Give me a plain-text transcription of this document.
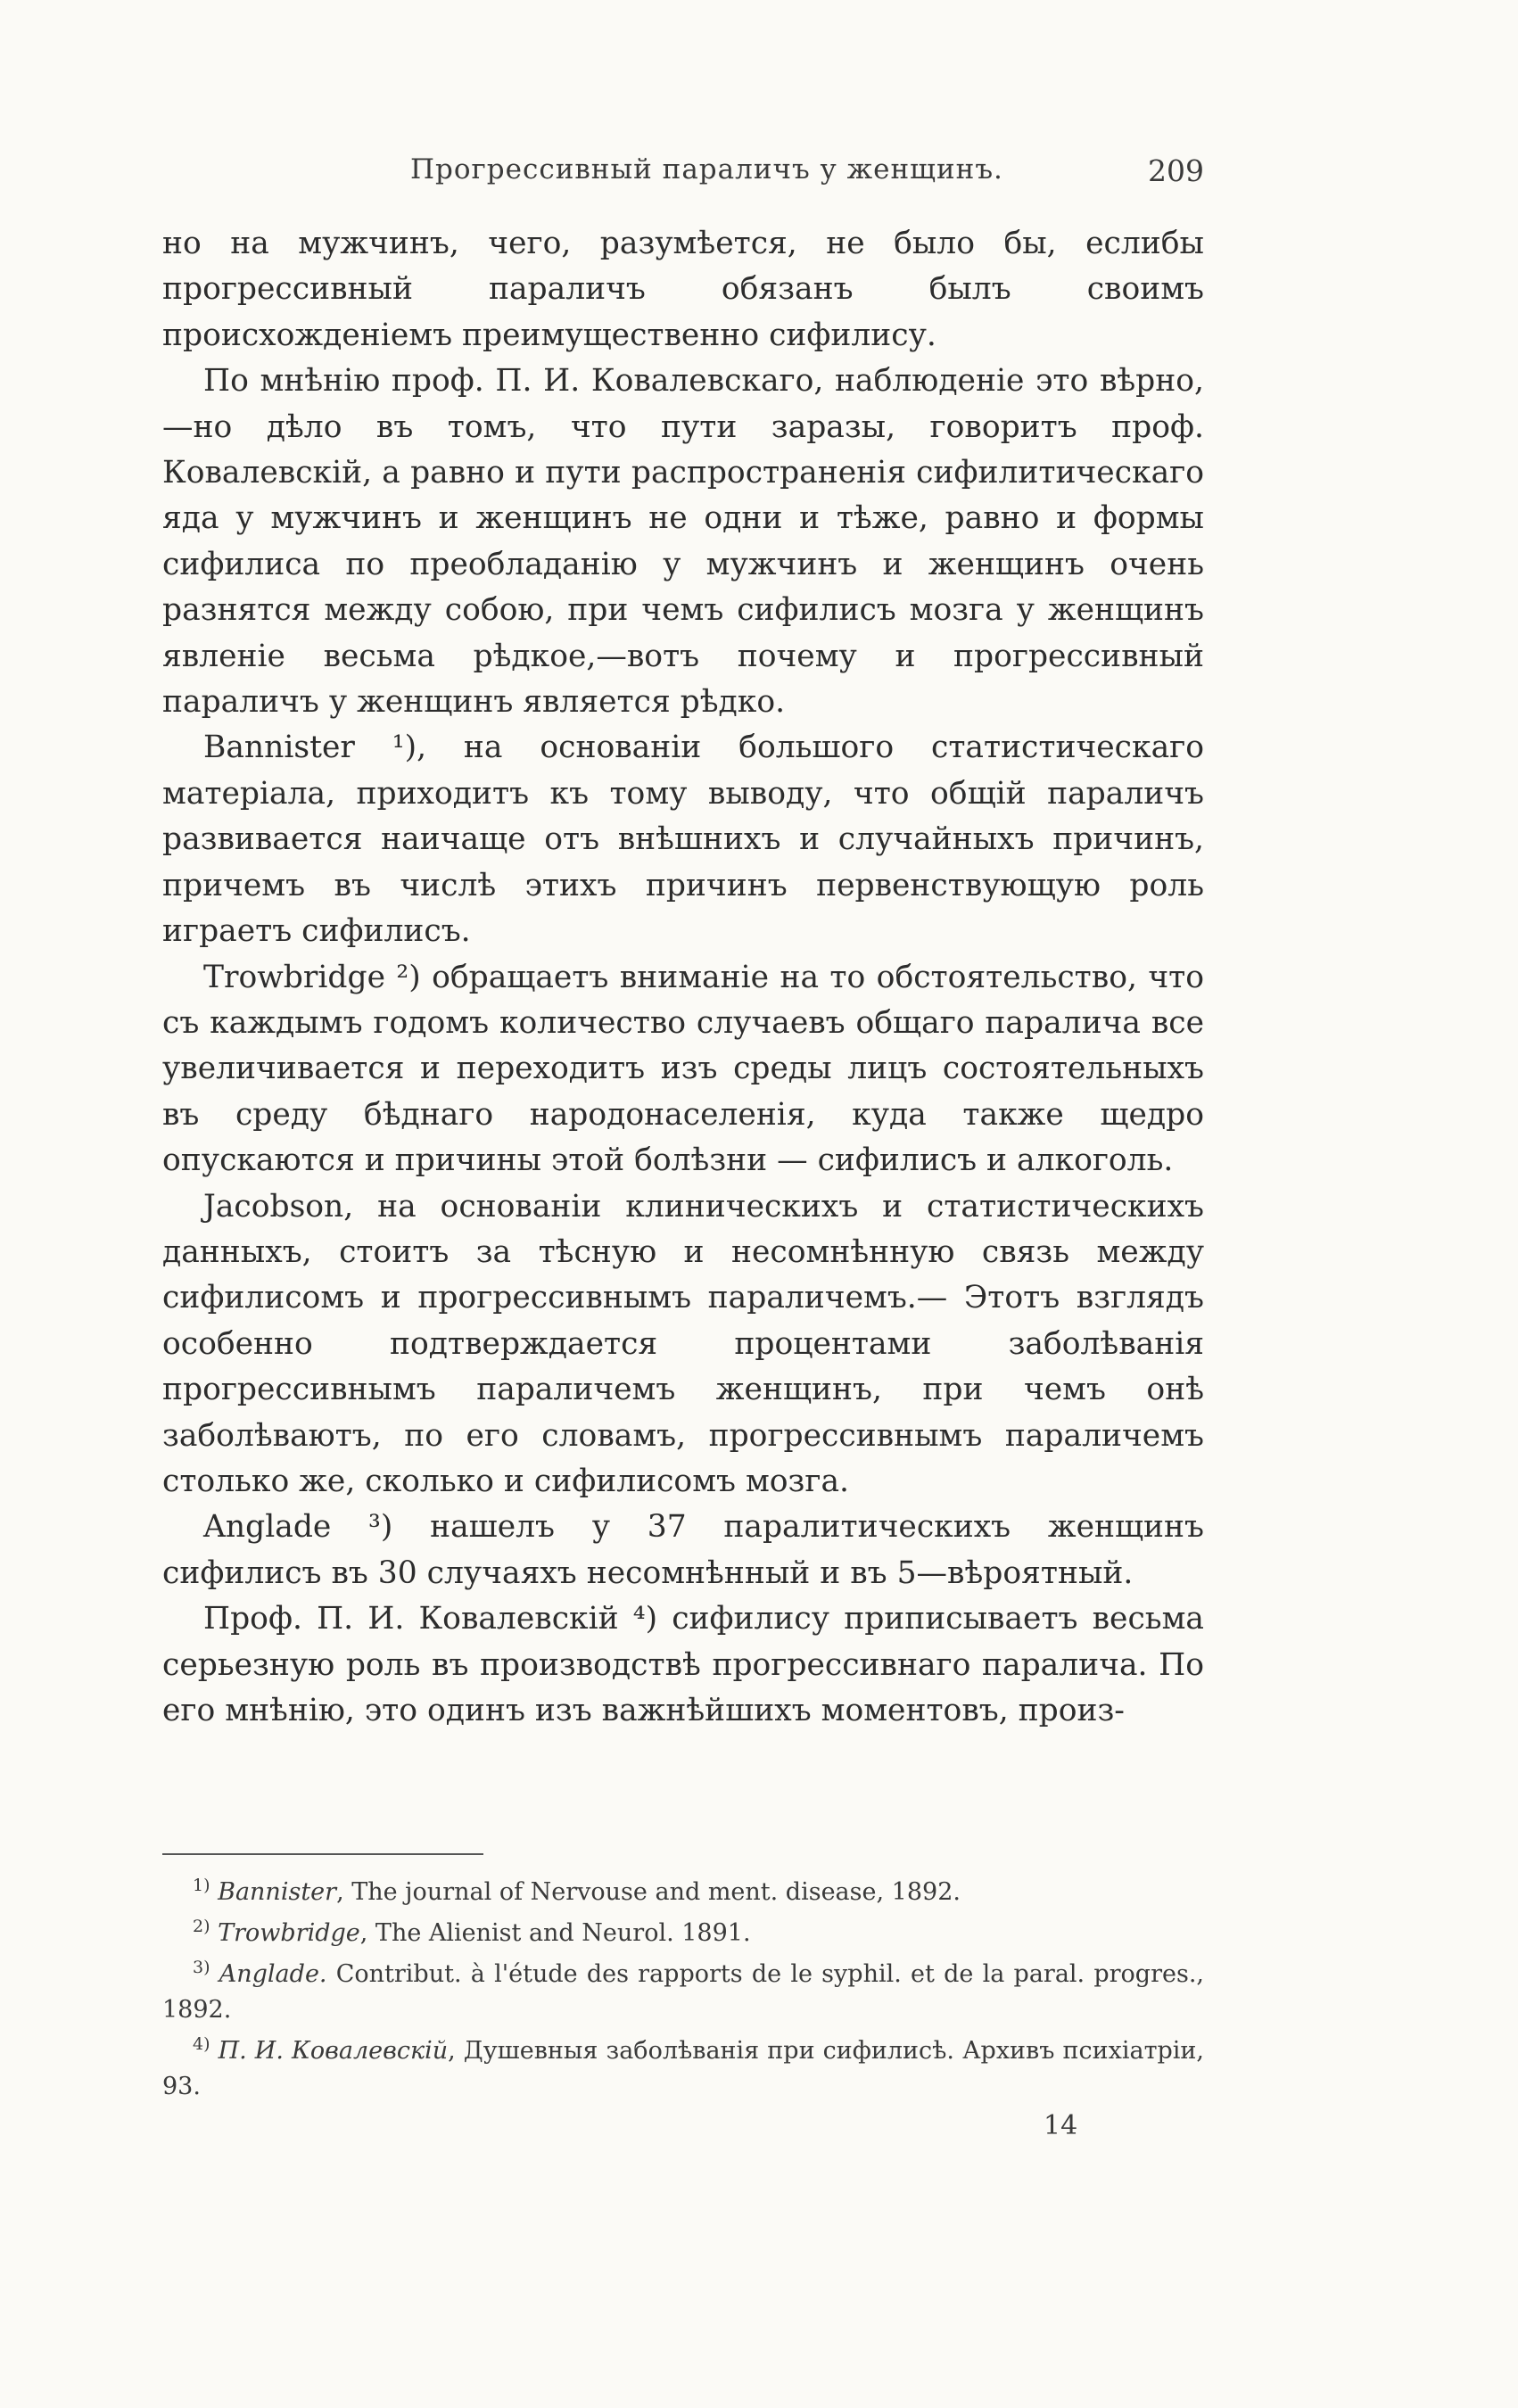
Прогрессивный параличъ у женщинъ.	209

но на мужчинъ, чего, разумѣется, не было бы, еслибы прогрессивный параличъ обязанъ былъ своимъ происхожденіемъ преимущественно сифилису.

По мнѣнію проф. П. И. Ковалевскаго, наблюденіе это вѣрно,—но дѣло въ томъ, что пути заразы, говоритъ проф. Ковалевскій, а равно и пути распространенія сифилитическаго яда у мужчинъ и женщинъ не одни и тѣже, равно и формы сифилиса по преобладанію у мужчинъ и женщинъ очень разнятся между собою, при чемъ сифилисъ мозга у женщинъ явленіе весьма рѣдкое,—вотъ почему и прогрессивный параличъ у женщинъ является рѣдко.

Bannister ¹), на основаніи большого статистическаго матеріала, приходитъ къ тому выводу, что общій параличъ развивается наичаще отъ внѣшнихъ и случайныхъ причинъ, причемъ въ числѣ этихъ причинъ первенствующую роль играетъ сифилисъ.

Trowbridge ²) обращаетъ вниманіе на то обстоятельство, что съ каждымъ годомъ количество случаевъ общаго паралича все увеличивается и переходитъ изъ среды лицъ состоятельныхъ въ среду бѣднаго народонаселенія, куда также щедро опускаются и причины этой болѣзни — сифилисъ и алкоголь.

Jacobson, на основаніи клиническихъ и статистическихъ данныхъ, стоитъ за тѣсную и несомнѣнную связь между сифилисомъ и прогрессивнымъ параличемъ.— Этотъ взглядъ особенно подтверждается процентами заболѣванія прогрессивнымъ параличемъ женщинъ, при чемъ онѣ заболѣваютъ, по его словамъ, прогрессивнымъ параличемъ столько же, сколько и сифилисомъ мозга.

Anglade ³) нашелъ у 37 паралитическихъ женщинъ сифилисъ въ 30 случаяхъ несомнѣнный и въ 5—вѣроятный.

Проф. П. И. Ковалевскій ⁴) сифилису приписываетъ весьма серьезную роль въ производствѣ прогрессивнаго паралича. По его мнѣнію, это одинъ изъ важнѣйшихъ моментовъ, произ-

$^{1)}$ Bannister, The journal of Nervouse and ment. disease, 1892.

$^{2)}$ Trowbridge, The Alienist and Neurol. 1891.

$^{3)}$ Anglade. Contribut. à l'étude des rapports de le syphil. et de la paral. progres., 1892.

$^{4)}$ П. И. Ковалевскій, Душевныя заболѣванія при сифилисѣ. Архивъ психіатріи, 93.

14
